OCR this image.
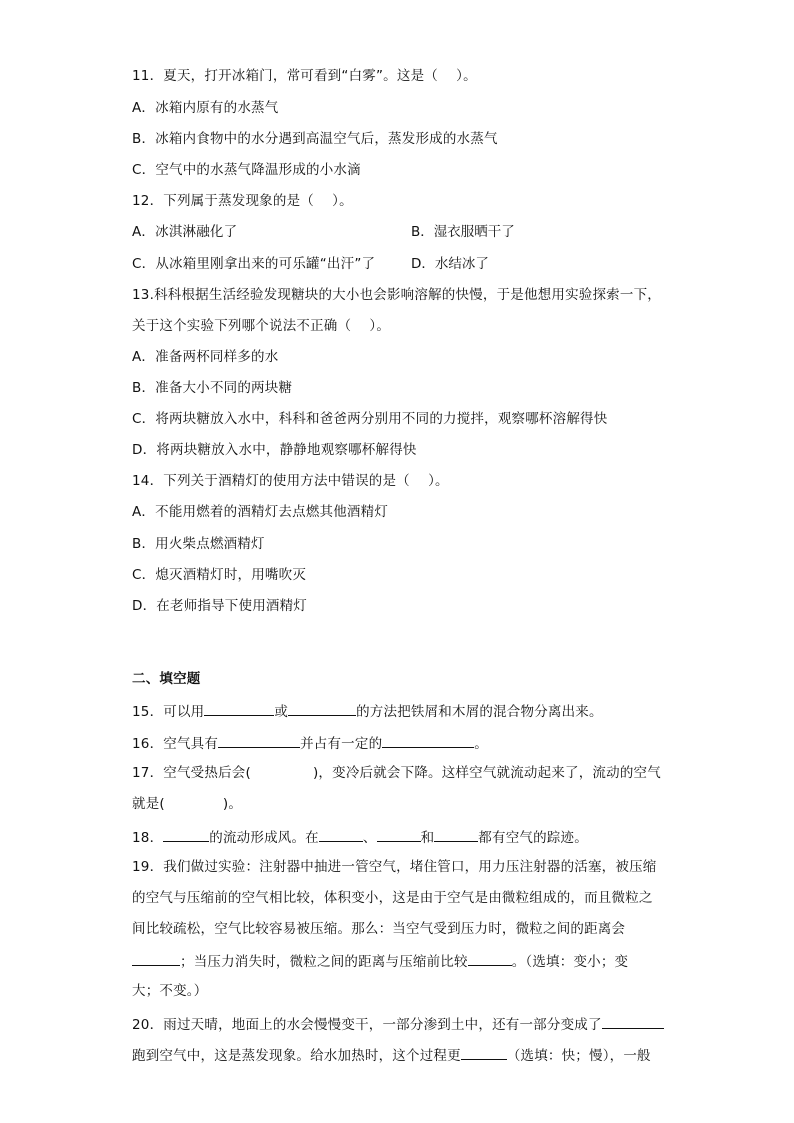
11．夏天，打开冰箱门，常可看到“白雾”。这是（　 ）。
A．冰箱内原有的水蒸气
B．冰箱内食物中的水分遇到高温空气后，蒸发形成的水蒸气
C．空气中的水蒸气降温形成的小水滴
12．下列属于蒸发现象的是（　 ）。
A．冰淇淋融化了	B．湿衣服晒干了
C．从冰箱里刚拿出来的可乐罐“出汗”了	D．水结冰了
13.科科根据生活经验发现糖块的大小也会影响溶解的快慢，于是他想用实验探索一下，
关于这个实验下列哪个说法不正确（　 ）。
A．准备两杯同样多的水
B．准备大小不同的两块糖
C．将两块糖放入水中，科科和爸爸两分别用不同的力搅拌，观察哪杯溶解得快
D．将两块糖放入水中，静静地观察哪杯解得快
14．下列关于酒精灯的使用方法中错误的是（　 ）。
A．不能用燃着的酒精灯去点燃其他酒精灯
B．用火柴点燃酒精灯
C．熄灭酒精灯时，用嘴吹灭
D．在老师指导下使用酒精灯
二、填空题
15．可以用	或	的方法把铁屑和木屑的混合物分离出来。
16．空气具有	并占有一定的	。
17．空气受热后会(	)，变冷后就会下降。这样空气就流动起来了，流动的空气
就是(	)。
18．	的流动形成风。在	、	和	都有空气的踪迹。
19．我们做过实验：注射器中抽进一管空气，堵住管口，用力压注射器的活塞，被压缩
的空气与压缩前的空气相比较，体积变小，这是由于空气是由微粒组成的，而且微粒之
间比较疏松，空气比较容易被压缩。那么：当空气受到压力时，微粒之间的距离会
；当压力消失时，微粒之间的距离与压缩前比较	。（选填：变小；变
大；不变。）
20．雨过天晴，地面上的水会慢慢变干，一部分渗到土中，还有一部分变成了
跑到空气中，这是蒸发现象。给水加热时，这个过程更	（选填：快；慢），一般
